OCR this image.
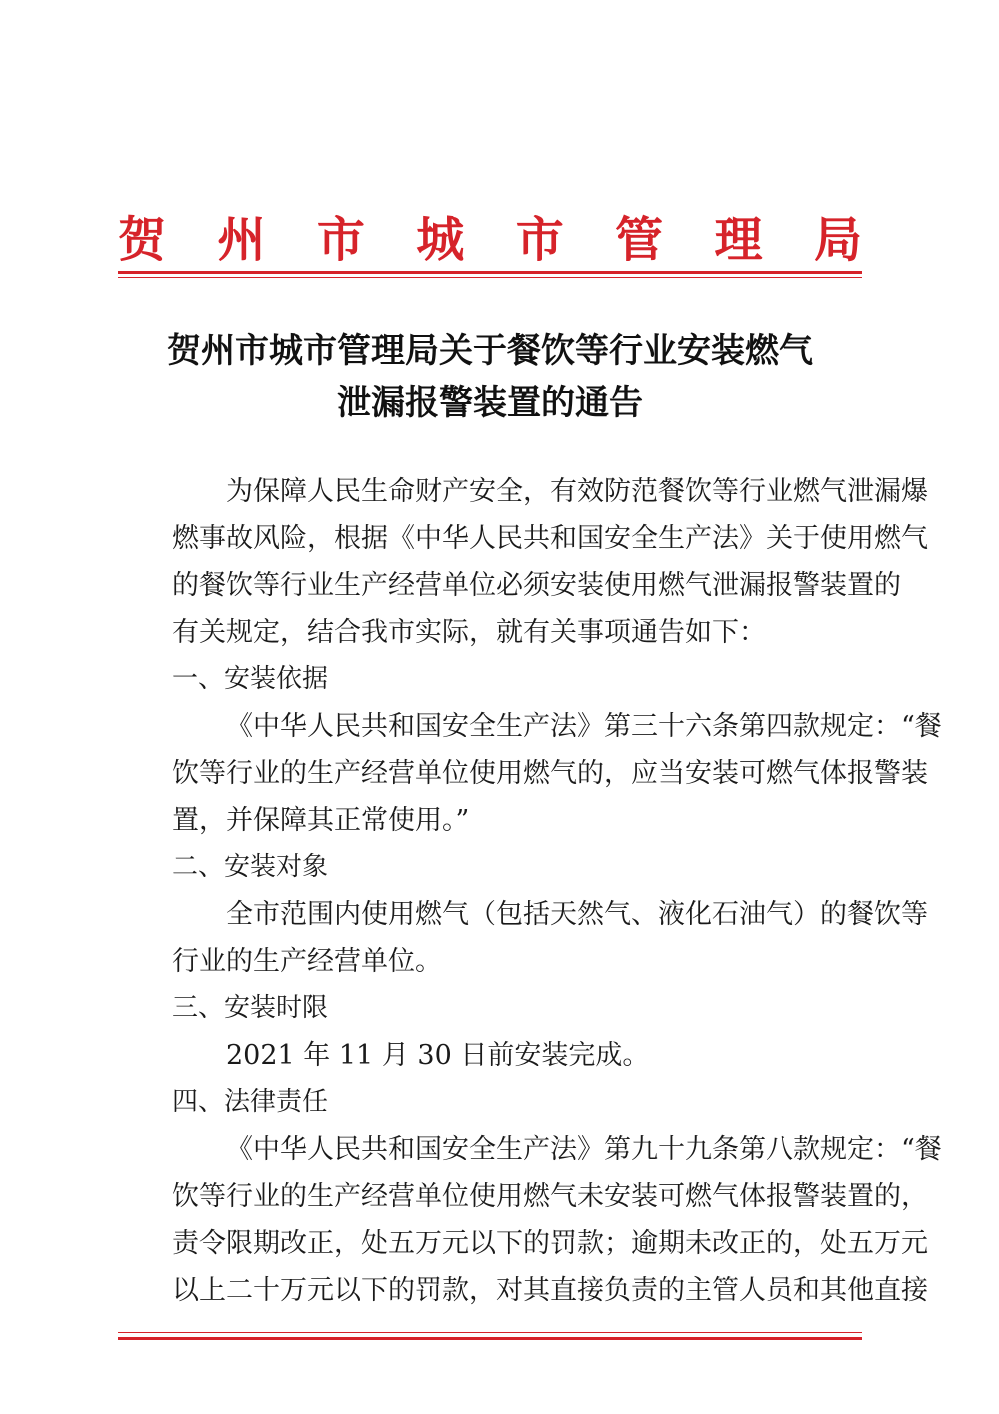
贺 州 市 城 市 管 理 局
贺州市城市管理局关于餐饮等行业安装燃气
泄漏报警装置的通告
为保障人民生命财产安全，有效防范餐饮等行业燃气泄漏爆
燃事故风险，根据《中华人民共和国安全生产法》关于使用燃气
的餐饮等行业生产经营单位必须安装使用燃气泄漏报警装置的
有关规定，结合我市实际，就有关事项通告如下：
一、安装依据
《中华人民共和国安全生产法》第三十六条第四款规定：“餐
饮等行业的生产经营单位使用燃气的，应当安装可燃气体报警装
置，并保障其正常使用。”
二、安装对象
全市范围内使用燃气（包括天然气、液化石油气）的餐饮等
行业的生产经营单位。
三、安装时限
2021 年 11 月 30 日前安装完成。
四、法律责任
《中华人民共和国安全生产法》第九十九条第八款规定：“餐
饮等行业的生产经营单位使用燃气未安装可燃气体报警装置的，
责令限期改正，处五万元以下的罚款；逾期未改正的，处五万元
以上二十万元以下的罚款，对其直接负责的主管人员和其他直接
